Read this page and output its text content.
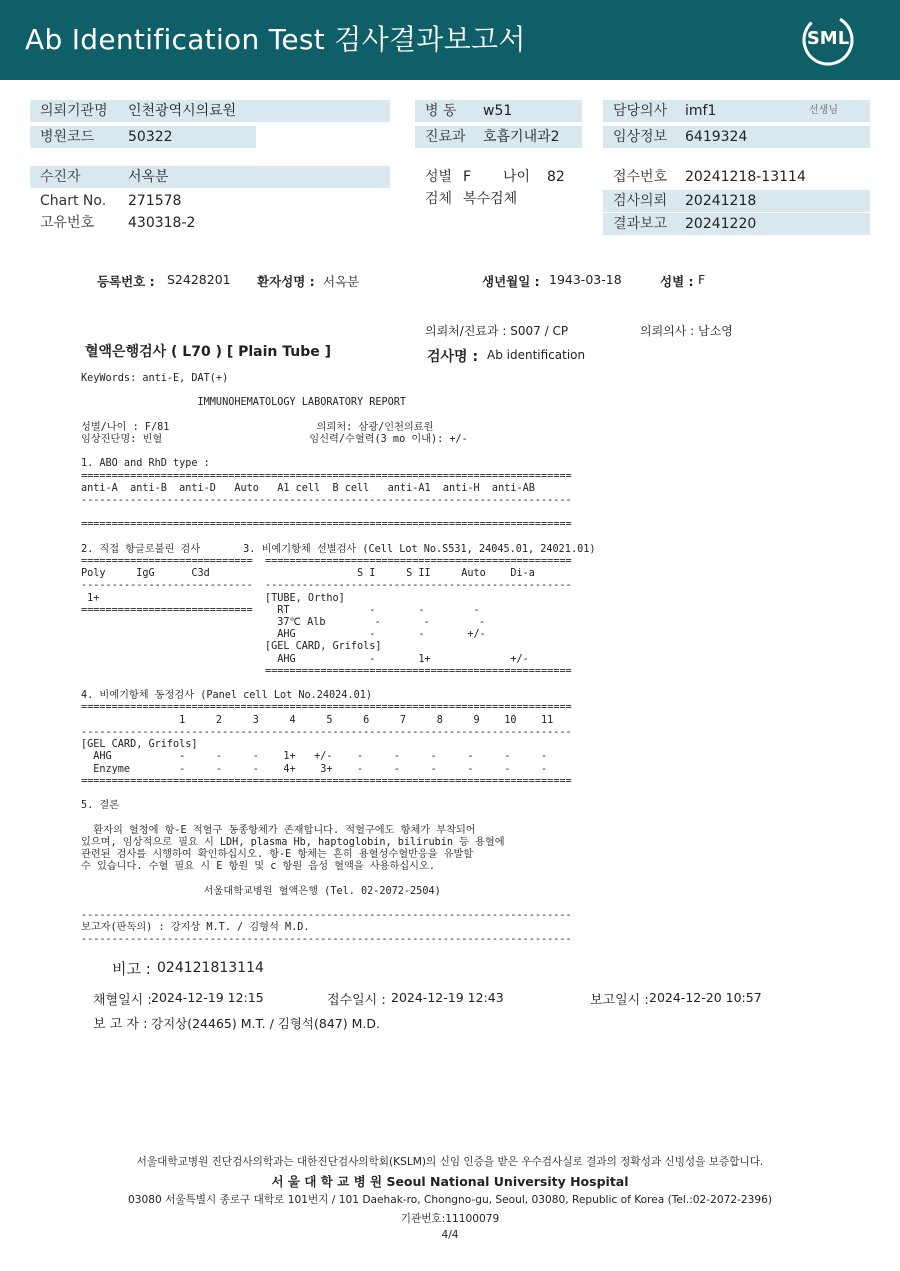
Ab Identification Test 검사결과보고서	SML
의뢰기관명 인천광역시의료원
병원코드 50322
수진자	서옥분
Chart No. 271578
고유번호 430318-2
병 동 w51
진료과 호흡기내과2
성별 F 나이 82
검체 복수검체
담당의사 imf1	선생님
임상정보 6419324
접수번호 20241218-13114
검사의뢰 20241218
결과보고 20241220
등록번호 : S2428201 환자성명 : 서옥분	생년월일 : 1943-03-18	성별 : F
의뢰처/진료과 : S007 / CP	의뢰의사 : 남소영
혈액은행검사 ( L70 ) [ Plain Tube ]	검사명 : Ab identification
KeyWords: anti-E, DAT(+)

IMMUNOHEMATOLOGY LABORATORY REPORT

성별/나이 : F/81                        의뢰처: 삼광/인천의료원
임상진단명: 빈혈                        임신력/수혈력(3 mo 이내): +/-

1. ABO and RhD type :
================================================================================
anti-A  anti-B  anti-D   Auto   A1 cell  B cell   anti-A1  anti-H  anti-AB
--------------------------------------------------------------------------------

================================================================================

2. 직접 항글로불린 검사       3. 비예기항체 선별검사 (Cell Lot No.S531, 24045.01, 24021.01)
============================  ==================================================
Poly     IgG      C3d                        S I     S II     Auto    Di-a
----------------------------  --------------------------------------------------
1+                           [TUBE, Ortho]
============================    RT             -       -        -
37℃ Alb        -       -        -
AHG            -       -       +/-
[GEL CARD, Grifols]
AHG            -       1+             +/-
==================================================

4. 비예기항체 동정검사 (Panel cell Lot No.24024.01)
================================================================================
1     2     3     4     5     6     7     8     9    10    11
--------------------------------------------------------------------------------
[GEL CARD, Grifols]
AHG           -     -     -    1+   +/-    -     -     -     -     -     -
Enzyme        -     -     -    4+    3+    -     -     -     -     -     -
================================================================================

5. 결론

환자의 혈청에 항-E 적혈구 동종항체가 존재합니다. 적혈구에도 항체가 부착되어
있으며, 임상적으로 필요 시 LDH, plasma Hb, haptoglobin, bilirubin 등 용혈에
관련된 검사를 시행하여 확인하십시오. 항-E 항체는 흔히 용혈성수혈반응을 유발할
수 있습니다. 수혈 필요 시 E 항원 및 c 항원 음성 혈액을 사용하십시오.

서울대학교병원 혈액은행 (Tel. 02-2072-2504)

--------------------------------------------------------------------------------
보고자(판독의) : 강지상 M.T. / 김형석 M.D.
--------------------------------------------------------------------------------
비고 : 024121813114
채혈일시 : 2024-12-19 12:15	접수일시 : 2024-12-19 12:43	보고일시 : 2024-12-20 10:57
보 고 자 : 강지상(24465) M.T. / 김형석(847) M.D.
서울대학교병원 진단검사의학과는 대한진단검사의학회(KSLM)의 신임 인증을 받은 우수검사실로 결과의 정확성과 신빙성을 보증합니다.
서 울 대 학 교 병 원 Seoul National University Hospital
03080 서울특별시 종로구 대학로 101번지 / 101 Daehak-ro, Chongno-gu, Seoul, 03080, Republic of Korea (Tel.:02-2072-2396)
기관번호:11100079
4/4
